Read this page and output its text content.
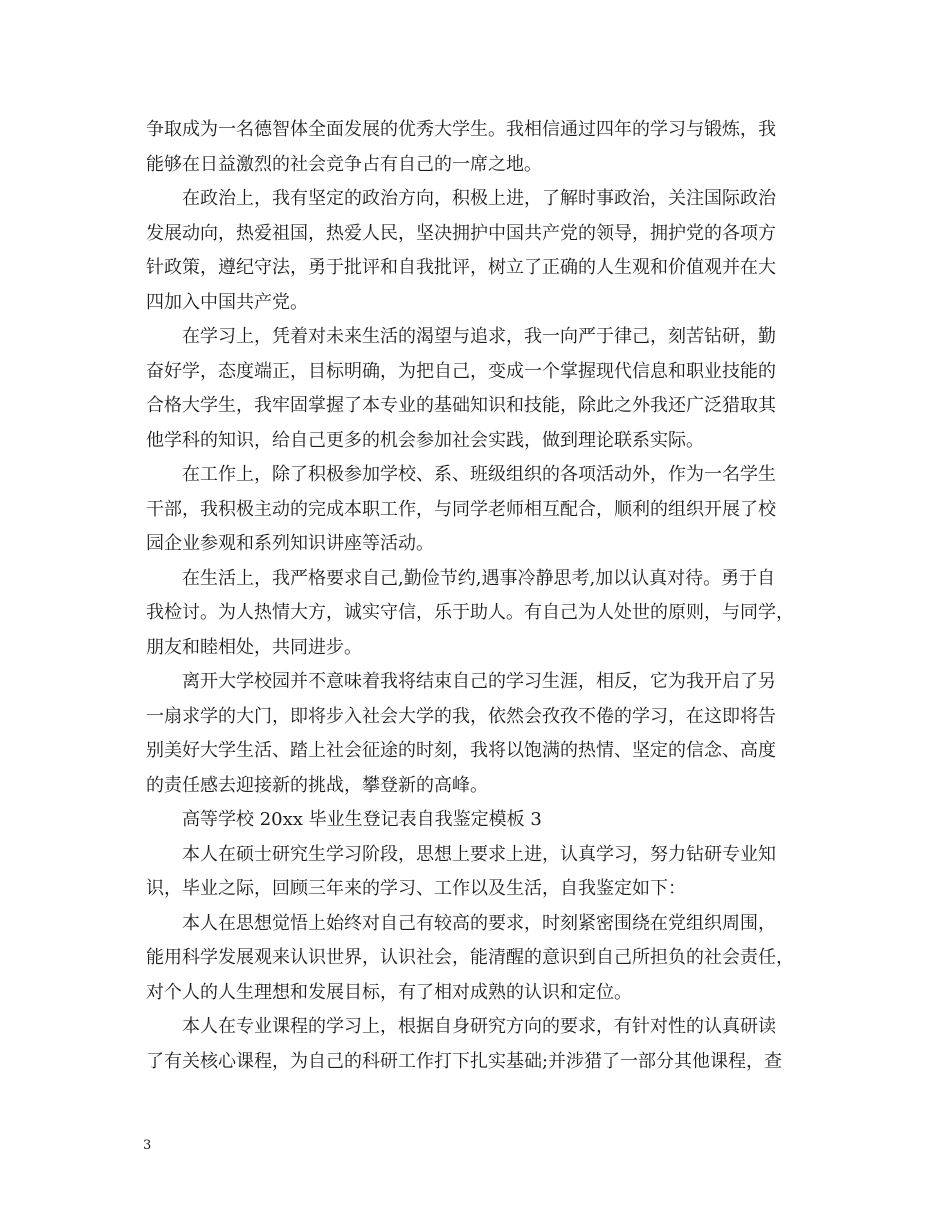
争取成为一名德智体全面发展的优秀大学生。我相信通过四年的学习与锻炼，我
能够在日益激烈的社会竞争占有自己的一席之地。
在政治上，我有坚定的政治方向，积极上进，了解时事政治，关注国际政治
发展动向，热爱祖国，热爱人民，坚决拥护中国共产党的领导，拥护党的各项方
针政策，遵纪守法，勇于批评和自我批评，树立了正确的人生观和价值观并在大
四加入中国共产党。
在学习上，凭着对未来生活的渴望与追求，我一向严于律己，刻苦钻研，勤
奋好学，态度端正，目标明确，为把自己，变成一个掌握现代信息和职业技能的
合格大学生，我牢固掌握了本专业的基础知识和技能，除此之外我还广泛猎取其
他学科的知识，给自己更多的机会参加社会实践，做到理论联系实际。
在工作上，除了积极参加学校、系、班级组织的各项活动外，作为一名学生
干部，我积极主动的完成本职工作，与同学老师相互配合，顺利的组织开展了校
园企业参观和系列知识讲座等活动。
在生活上，我严格要求自己,勤俭节约,遇事冷静思考,加以认真对待。勇于自
我检讨。为人热情大方，诚实守信，乐于助人。有自己为人处世的原则，与同学，
朋友和睦相处，共同进步。
离开大学校园并不意味着我将结束自己的学习生涯，相反，它为我开启了另
一扇求学的大门，即将步入社会大学的我，依然会孜孜不倦的学习，在这即将告
别美好大学生活、踏上社会征途的时刻，我将以饱满的热情、坚定的信念、高度
的责任感去迎接新的挑战，攀登新的高峰。
高等学校 20xx 毕业生登记表自我鉴定模板 3
本人在硕士研究生学习阶段，思想上要求上进，认真学习，努力钻研专业知
识，毕业之际，回顾三年来的学习、工作以及生活，自我鉴定如下：
本人在思想觉悟上始终对自己有较高的要求，时刻紧密围绕在党组织周围，
能用科学发展观来认识世界，认识社会，能清醒的意识到自己所担负的社会责任，
对个人的人生理想和发展目标，有了相对成熟的认识和定位。
本人在专业课程的学习上，根据自身研究方向的要求，有针对性的认真研读
了有关核心课程，为自己的科研工作打下扎实基础;并涉猎了一部分其他课程，查
3
